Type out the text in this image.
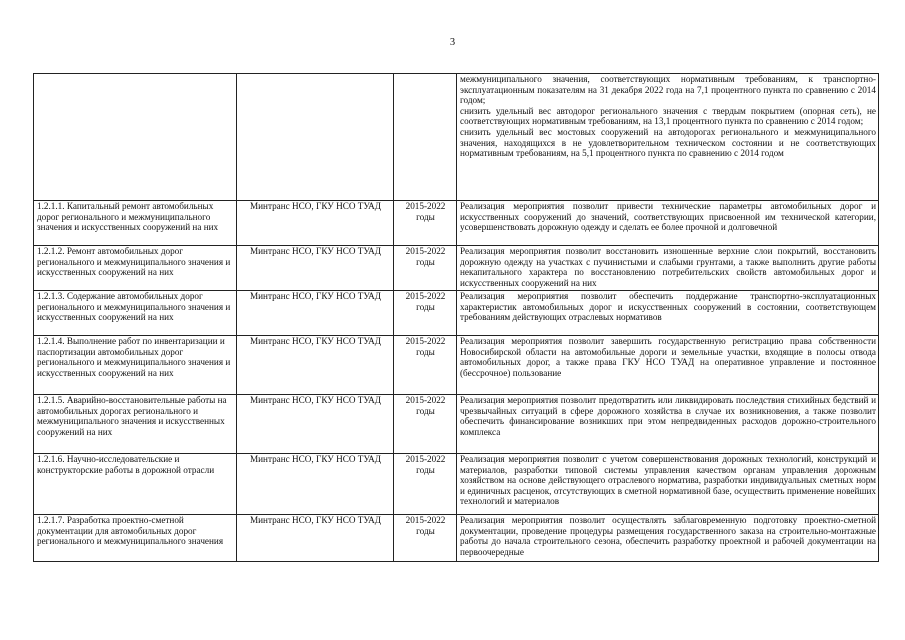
3

			межмуниципального значения, соответствующих нормативным требованиям, к транспортно-эксплуатационным показателям на 31 декабря 2022 года на 7,1 процентного пункта по сравнению с 2014 годом;
снизить удельный вес автодорог регионального значения с твердым покрытием (опорная сеть), не соответствующих нормативным требованиям, на 13,1 процентного пункта по сравнению с 2014 годом;
снизить удельный вес мостовых сооружений на автодорогах регионального и межмуниципального значения, находящихся в не удовлетворительном техническом состоянии и не соответствующих нормативным требованиям, на 5,1 процентного пункта по сравнению с 2014 годом

1.2.1.1. Капитальный ремонт автомобильных дорог регионального и межмуниципального значения и искусственных сооружений на них	Минтранс НСО, ГКУ НСО ТУАД	2015-2022 годы	Реализация мероприятия позволит привести технические параметры автомобильных дорог и искусственных сооружений до значений, соответствующих присвоенной им технической категории, усовершенствовать дорожную одежду и сделать ее более прочной и долговечной
1.2.1.2. Ремонт автомобильных дорог регионального и межмуниципального значения и искусственных сооружений на них	Минтранс НСО, ГКУ НСО ТУАД	2015-2022 годы	Реализация мероприятия позволит восстановить изношенные верхние слои покрытий, восстановить дорожную одежду на участках с пучинистыми и слабыми грунтами, а также выполнить другие работы некапитального характера по восстановлению потребительских свойств автомобильных дорог и искусственных сооружений на них
1.2.1.3. Содержание автомобильных дорог регионального и межмуниципального значения и искусственных сооружений на них	Минтранс НСО, ГКУ НСО ТУАД	2015-2022 годы	Реализация мероприятия позволит обеспечить поддержание транспортно-эксплуатационных характеристик автомобильных дорог и искусственных сооружений в состоянии, соответствующем требованиям действующих отраслевых нормативов
1.2.1.4. Выполнение работ по инвентаризации и паспортизации автомобильных дорог регионального и межмуниципального значения и искусственных сооружений на них	Минтранс НСО, ГКУ НСО ТУАД	2015-2022 годы	Реализация мероприятия позволит завершить государственную регистрацию права собственности Новосибирской области на автомобильные дороги и земельные участки, входящие в полосы отвода автомобильных дорог, а также права ГКУ НСО ТУАД на оперативное управление и постоянное (бессрочное) пользование
1.2.1.5. Аварийно-восстановительные работы на автомобильных дорогах регионального и межмуниципального значения и искусственных сооружений на них	Минтранс НСО, ГКУ НСО ТУАД	2015-2022 годы	Реализация мероприятия позволит предотвратить или ликвидировать последствия стихийных бедствий и чрезвычайных ситуаций в сфере дорожного хозяйства в случае их возникновения, а также позволит обеспечить финансирование возникших при этом непредвиденных расходов дорожно-строительного комплекса
1.2.1.6. Научно-исследовательские и конструкторские работы в дорожной отрасли	Минтранс НСО, ГКУ НСО ТУАД	2015-2022 годы	Реализация мероприятия позволит с учетом совершенствования дорожных технологий, конструкций и материалов, разработки типовой системы управления качеством органам управления дорожным хозяйством на основе действующего отраслевого норматива, разработки индивидуальных сметных норм и единичных расценок, отсутствующих в сметной нормативной базе, осуществить применение новейших технологий и материалов
1.2.1.7. Разработка проектно-сметной документации для автомобильных дорог регионального и межмуниципального значения	Минтранс НСО, ГКУ НСО ТУАД	2015-2022 годы	Реализация мероприятия позволит осуществлять заблаговременную подготовку проектно-сметной документации, проведение процедуры размещения государственного заказа на строительно-монтажные работы до начала строительного сезона, обеспечить разработку проектной и рабочей документации на первоочередные
